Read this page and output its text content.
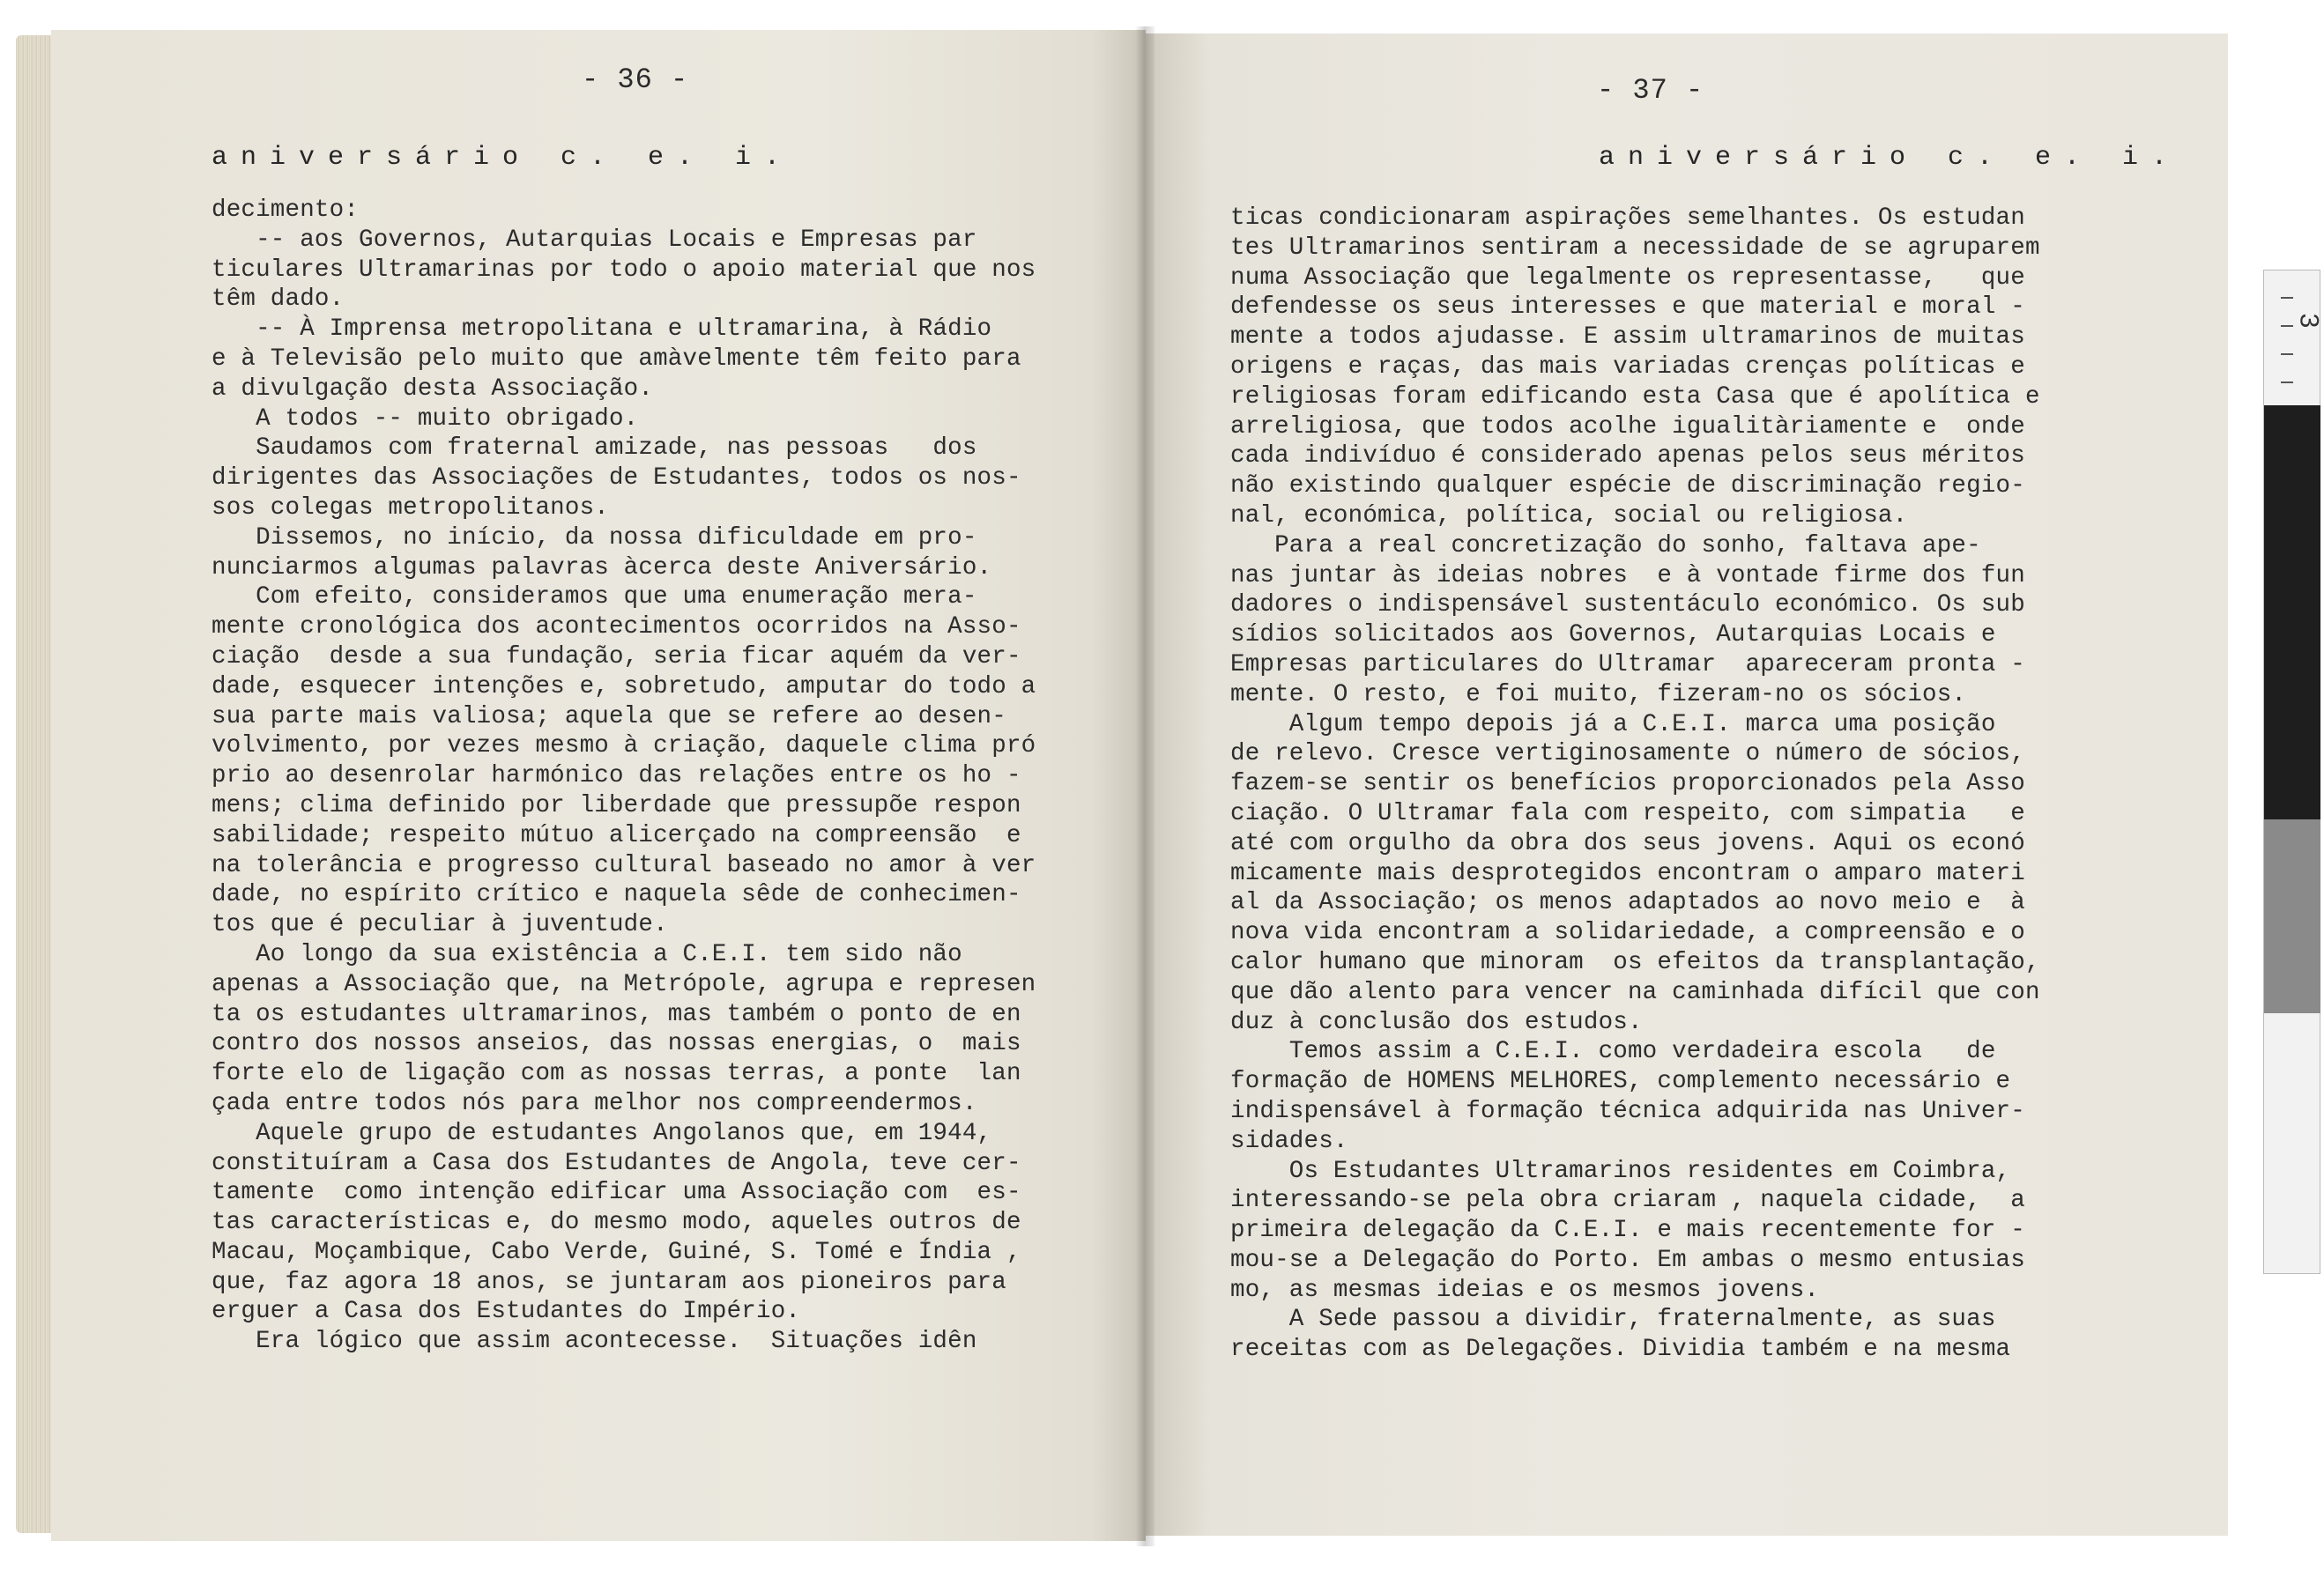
- 36 -
aniversário c. e. i.
decimento:
-- aos Governos, Autarquias Locais e Empresas par
ticulares Ultramarinas por todo o apoio material que nos
têm dado.
-- À Imprensa metropolitana e ultramarina, à Rádio
e à Televisão pelo muito que amàvelmente têm feito para
a divulgação desta Associação.
A todos -- muito obrigado.
Saudamos com fraternal amizade, nas pessoas   dos
dirigentes das Associações de Estudantes, todos os nos-
sos colegas metropolitanos.
Dissemos, no início, da nossa dificuldade em pro-
nunciarmos algumas palavras àcerca deste Aniversário.
Com efeito, consideramos que uma enumeração mera-
mente cronológica dos acontecimentos ocorridos na Asso-
ciação  desde a sua fundação, seria ficar aquém da ver-
dade, esquecer intenções e, sobretudo, amputar do todo a
sua parte mais valiosa; aquela que se refere ao desen-
volvimento, por vezes mesmo à criação, daquele clima pró
prio ao desenrolar harmónico das relações entre os ho -
mens; clima definido por liberdade que pressupõe respon
sabilidade; respeito mútuo alicerçado na compreensão  e
na tolerância e progresso cultural baseado no amor à ver
dade, no espírito crítico e naquela sêde de conhecimen-
tos que é peculiar à juventude.
Ao longo da sua existência a C.E.I. tem sido não
apenas a Associação que, na Metrópole, agrupa e represen
ta os estudantes ultramarinos, mas também o ponto de en
contro dos nossos anseios, das nossas energias, o  mais
forte elo de ligação com as nossas terras, a ponte  lan
çada entre todos nós para melhor nos compreendermos.
Aquele grupo de estudantes Angolanos que, em 1944,
constituíram a Casa dos Estudantes de Angola, teve cer-
tamente  como intenção edificar uma Associação com  es-
tas características e, do mesmo modo, aqueles outros de
Macau, Moçambique, Cabo Verde, Guiné, S. Tomé e Índia ,
que, faz agora 18 anos, se juntaram aos pioneiros para
erguer a Casa dos Estudantes do Império.
Era lógico que assim acontecesse.  Situações idên
- 37 -
aniversário c. e. i.
ticas condicionaram aspirações semelhantes. Os estudan
tes Ultramarinos sentiram a necessidade de se agruparem
numa Associação que legalmente os representasse,   que
defendesse os seus interesses e que material e moral -
mente a todos ajudasse. E assim ultramarinos de muitas
origens e raças, das mais variadas crenças políticas e
religiosas foram edificando esta Casa que é apolítica e
arreligiosa, que todos acolhe igualitàriamente e  onde
cada indivíduo é considerado apenas pelos seus méritos
não existindo qualquer espécie de discriminação regio-
nal, económica, política, social ou religiosa.
Para a real concretização do sonho, faltava ape-
nas juntar às ideias nobres  e à vontade firme dos fun
dadores o indispensável sustentáculo económico. Os sub
sídios solicitados aos Governos, Autarquias Locais e
Empresas particulares do Ultramar  apareceram pronta -
mente. O resto, e foi muito, fizeram-no os sócios.
Algum tempo depois já a C.E.I. marca uma posição
de relevo. Cresce vertiginosamente o número de sócios,
fazem-se sentir os benefícios proporcionados pela Asso
ciação. O Ultramar fala com respeito, com simpatia   e
até com orgulho da obra dos seus jovens. Aqui os econó
micamente mais desprotegidos encontram o amparo materi
al da Associação; os menos adaptados ao novo meio e  à
nova vida encontram a solidariedade, a compreensão e o
calor humano que minoram  os efeitos da transplantação,
que dão alento para vencer na caminhada difícil que con
duz à conclusão dos estudos.
Temos assim a C.E.I. como verdadeira escola   de
formação de HOMENS MELHORES, complemento necessário e
indispensável à formação técnica adquirida nas Univer-
sidades.
Os Estudantes Ultramarinos residentes em Coimbra,
interessando-se pela obra criaram , naquela cidade,  a
primeira delegação da C.E.I. e mais recentemente for -
mou-se a Delegação do Porto. Em ambas o mesmo entusias
mo, as mesmas ideias e os mesmos jovens.
A Sede passou a dividir, fraternalmente, as suas
receitas com as Delegações. Dividia também e na mesma
3
